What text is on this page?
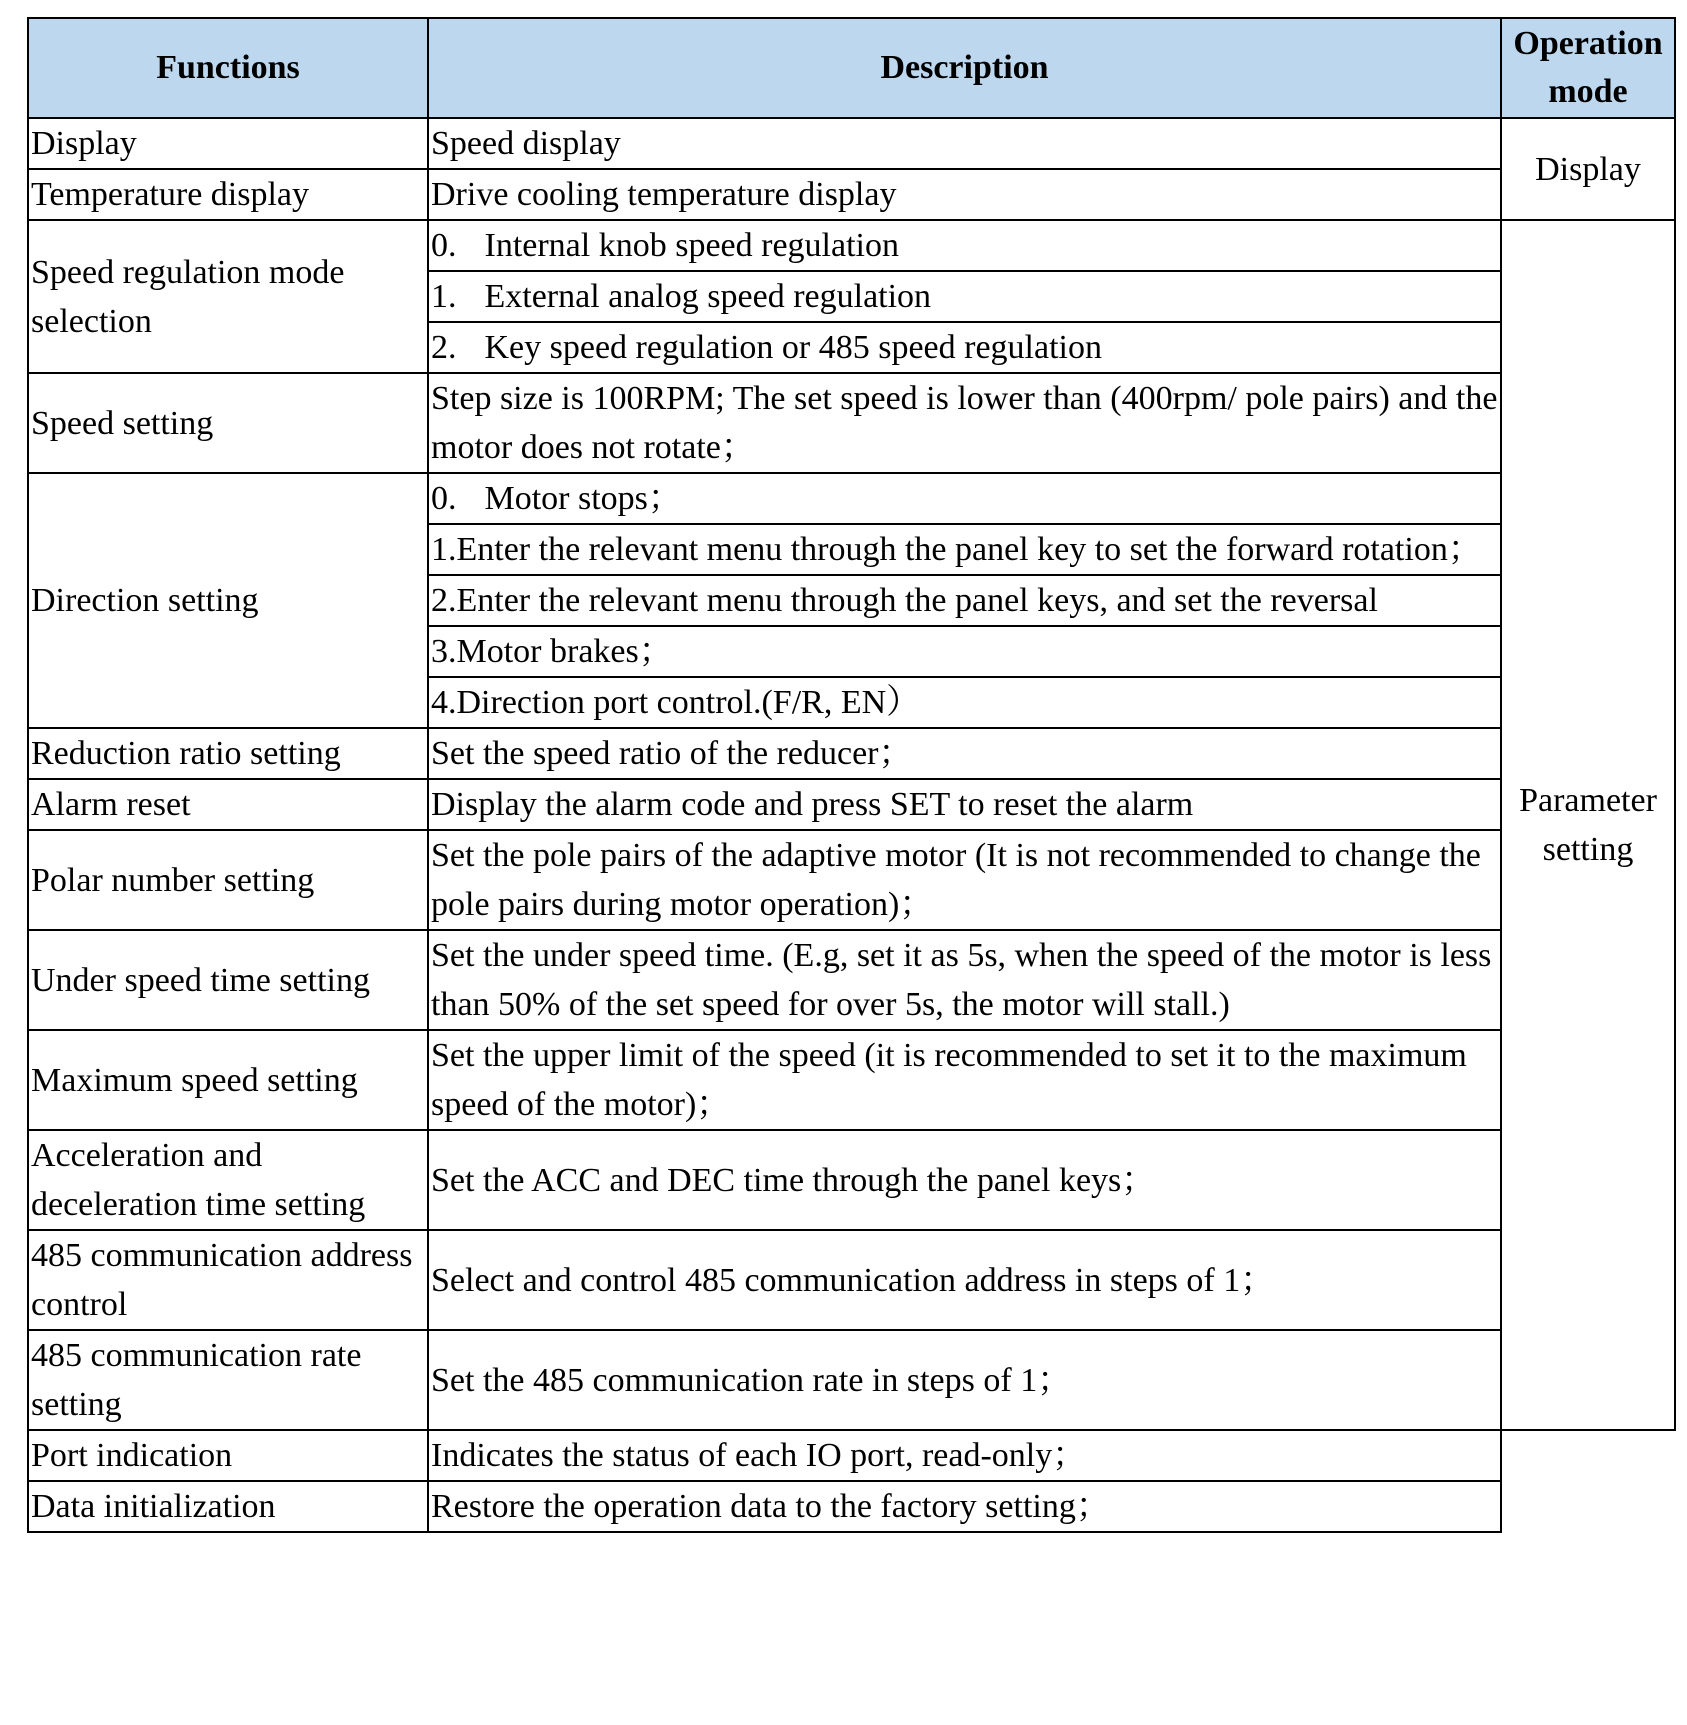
Functions	Description	Operation mode
Display	Speed display	Display
Temperature display	Drive cooling temperature display	
Speed regulation mode selection	0. Internal knob speed regulation	Parameter setting
	1. External analog speed regulation	
	2. Key speed regulation or 485 speed regulation	
Speed setting	Step size is 100RPM; The set speed is lower than (400rpm/ pole pairs) and the motor does not rotate；	
Direction setting	0. Motor stops；	
	1.Enter the relevant menu through the panel key to set the forward rotation；	
	2.Enter the relevant menu through the panel keys, and set the reversal	
	3.Motor brakes；	
	4.Direction port control.(F/R, EN）	
Reduction ratio setting	Set the speed ratio of the reducer；	
Alarm reset	Display the alarm code and press SET to reset the alarm	
Polar number setting	Set the pole pairs of the adaptive motor (It is not recommended to change the pole pairs during motor operation)；	
Under speed time setting	Set the under speed time. (E.g, set it as 5s, when the speed of the motor is less than 50% of the set speed for over 5s, the motor will stall.)	
Maximum speed setting	Set the upper limit of the speed (it is recommended to set it to the maximum speed of the motor)；	
Acceleration and deceleration time setting	Set the ACC and DEC time through the panel keys；	
485 communication address control	Select and control 485 communication address in steps of 1；	
485 communication rate setting	Set the 485 communication rate in steps of 1；	
Port indication	Indicates the status of each IO port, read-only；	
Data initialization	Restore the operation data to the factory setting；	
